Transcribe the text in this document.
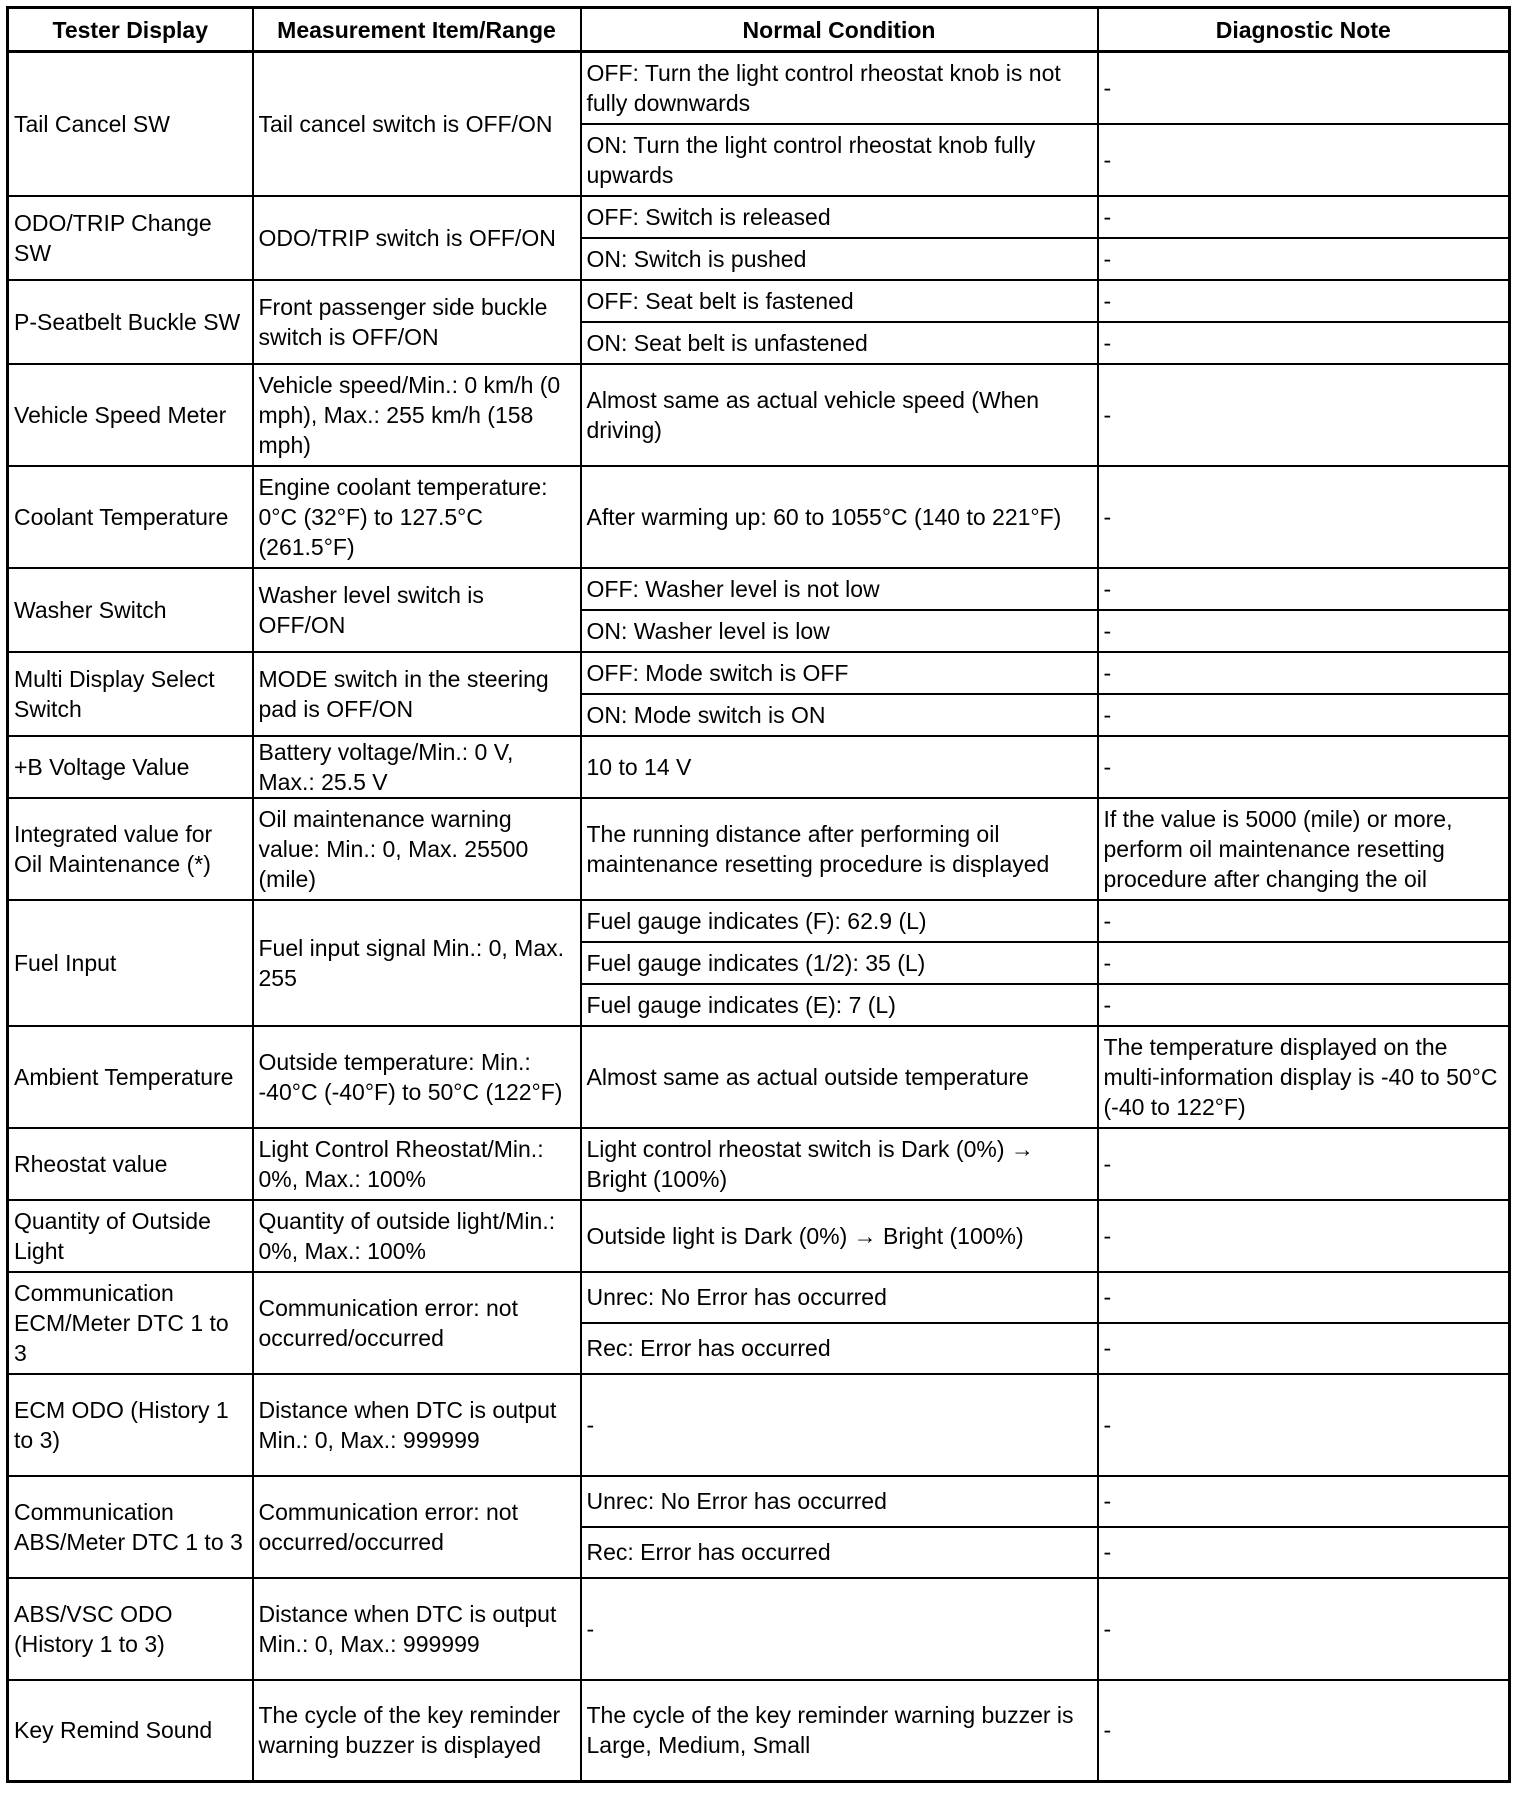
Tester Display	Measurement Item/Range	Normal Condition	Diagnostic Note
Tail Cancel SW	Tail cancel switch is OFF/ON	OFF: Turn the light control rheostat knob is not fully downwards	-
		ON: Turn the light control rheostat knob fully upwards	-
ODO/TRIP Change SW	ODO/TRIP switch is OFF/ON	OFF: Switch is released	-
		ON: Switch is pushed	-
P-Seatbelt Buckle SW	Front passenger side buckle switch is OFF/ON	OFF: Seat belt is fastened	-
		ON: Seat belt is unfastened	-
Vehicle Speed Meter	Vehicle speed/Min.: 0 km/h (0 mph), Max.: 255 km/h (158 mph)	Almost same as actual vehicle speed (When driving)	-
Coolant Temperature	Engine coolant temperature: 0°C (32°F) to 127.5°C (261.5°F)	After warming up: 60 to 1055°C (140 to 221°F)	-
Washer Switch	Washer level switch is OFF/ON	OFF: Washer level is not low	-
		ON: Washer level is low	-
Multi Display Select Switch	MODE switch in the steering pad is OFF/ON	OFF: Mode switch is OFF	-
		ON: Mode switch is ON	-
+B Voltage Value	Battery voltage/Min.: 0 V, Max.: 25.5 V	10 to 14 V	-
Integrated value for Oil Maintenance (*)	Oil maintenance warning value: Min.: 0, Max. 25500 (mile)	The running distance after performing oil maintenance resetting procedure is displayed	If the value is 5000 (mile) or more, perform oil maintenance resetting procedure after changing the oil
Fuel Input	Fuel input signal Min.: 0, Max. 255	Fuel gauge indicates (F): 62.9 (L)	-
		Fuel gauge indicates (1/2): 35 (L)	-
		Fuel gauge indicates (E): 7 (L)	-
Ambient Temperature	Outside temperature: Min.: -40°C (-40°F) to 50°C (122°F)	Almost same as actual outside temperature	The temperature displayed on the multi-information display is -40 to 50°C (-40 to 122°F)
Rheostat value	Light Control Rheostat/Min.: 0%, Max.: 100%	Light control rheostat switch is Dark (0%) → Bright (100%)	-
Quantity of Outside Light	Quantity of outside light/Min.: 0%, Max.: 100%	Outside light is Dark (0%) → Bright (100%)	-
Communication ECM/Meter DTC 1 to 3	Communication error: not occurred/occurred	Unrec: No Error has occurred	-
		Rec: Error has occurred	-
ECM ODO (History 1 to 3)	Distance when DTC is output Min.: 0, Max.: 999999	-	-
Communication ABS/Meter DTC 1 to 3	Communication error: not occurred/occurred	Unrec: No Error has occurred	-
		Rec: Error has occurred	-
ABS/VSC ODO (History 1 to 3)	Distance when DTC is output Min.: 0, Max.: 999999	-	-
Key Remind Sound	The cycle of the key reminder warning buzzer is displayed	The cycle of the key reminder warning buzzer is Large, Medium, Small	-
